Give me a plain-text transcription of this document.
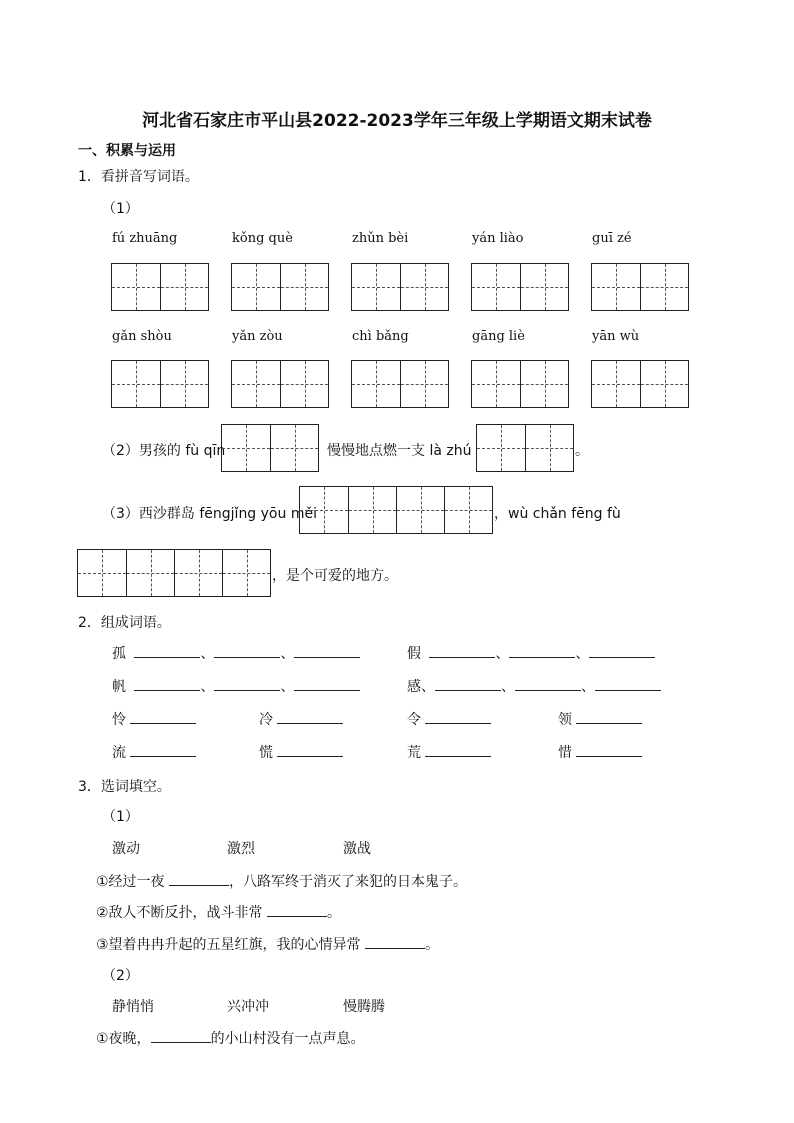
河北省石家庄市平山县2022-2023学年三年级上学期语文期末试卷
一、积累与运用
1．看拼音写词语。
（1）
fú zhuāng	kǒng què	zhǔn bèi	yán liào	guī zé
gǎn shòu	yǎn zòu	chì bǎng	gāng liè	yān wù
（2）男孩的 fù qīn	慢慢地点燃一支 là zhú	。
（3）西沙群岛 fēngjǐng yōu měi	，wù chǎn fēng fù
，是个可爱的地方。
2．组成词语。
孤	、	、	假	、	、
帆	、	、	感、	、	、
怜	冷	令	领
流	慌	荒	惜
3．选词填空。
（1）
激动	激烈	激战
①经过一夜	，八路军终于消灭了来犯的日本鬼子。
②敌人不断反扑，战斗非常	。
③望着冉冉升起的五星红旗，我的心情异常	。
（2）
静悄悄	兴冲冲	慢腾腾
①夜晚，	的小山村没有一点声息。
